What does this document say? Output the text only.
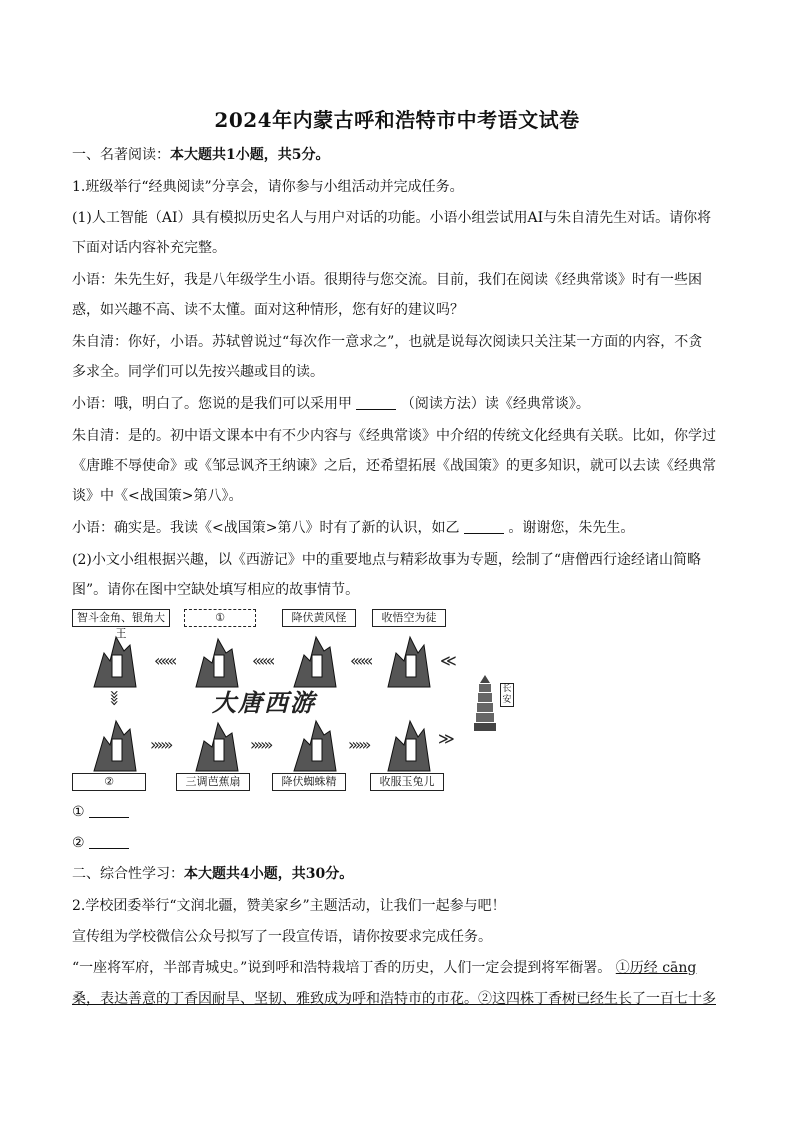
2024年内蒙古呼和浩特市中考语文试卷
一、名著阅读：本大题共1小题，共5分。
1.班级举行“经典阅读”分享会，请你参与小组活动并完成任务。
(1)人工智能（AI）具有模拟历史名人与用户对话的功能。小语小组尝试用AI与朱自清先生对话。请你将
下面对话内容补充完整。
小语：朱先生好，我是八年级学生小语。很期待与您交流。目前，我们在阅读《经典常谈》时有一些困
惑，如兴趣不高、读不太懂。面对这种情形，您有好的建议吗？
朱自清：你好，小语。苏轼曾说过“每次作一意求之”，也就是说每次阅读只关注某一方面的内容，不贪
多求全。同学们可以先按兴趣或目的读。
小语：哦，明白了。您说的是我们可以采用甲	（阅读方法）读《经典常谈》。
朱自清：是的。初中语文课本中有不少内容与《经典常谈》中介绍的传统文化经典有关联。比如，你学过
《唐雎不辱使命》或《邹忌讽齐王纳谏》之后，还希望拓展《战国策》的更多知识，就可以去读《经典常
谈》中《<战国策>第八》。
小语：确实是。我读《<战国策>第八》时有了新的认识，如乙	。谢谢您，朱先生。
(2)小文小组根据兴趣，以《西游记》中的重要地点与精彩故事为专题，绘制了“唐僧西行途经诸山简略
图”。请你在图中空缺处填写相应的故事情节。
智斗金角、银角大王
①	降伏黄风怪	收悟空为徒
«««	«««	«««	≪
»»	大唐西游	长安
»»»	»»»	»»»	≫
②	三调芭蕉扇	降伏蜘蛛精	收服玉兔儿
①
②
二、综合性学习：本大题共4小题，共30分。
2.学校团委举行“文润北疆，赞美家乡”主题活动，让我们一起参与吧！
宣传组为学校微信公众号拟写了一段宣传语，请你按要求完成任务。
“一座将军府，半部青城史。”说到呼和浩特栽培丁香的历史，人们一定会提到将军衙署。 ①历经 cāng
桑，表达善意的丁香因耐旱、坚韧、雅致成为呼和浩特市的市花。②这四株丁香树已经生长了一百七十多
